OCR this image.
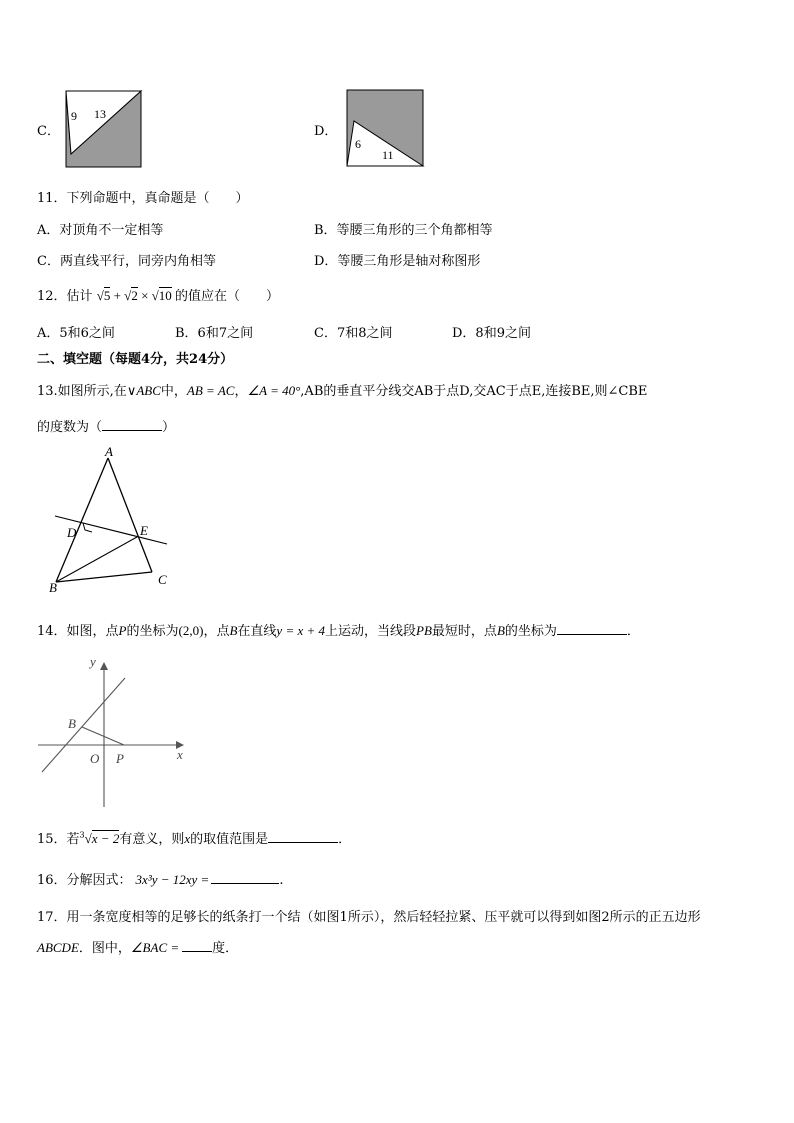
C．
9 13
D．
6
11
11．下列命题中，真命题是（　　）
A．对顶角不一定相等	B．等腰三角形的三个角都相等
C．两直线平行，同旁内角相等	D．等腰三角形是轴对称图形
12．估计 √5 + √2 × √10 的值应在（　　）
A．5和6之间	B．6和7之间	C．7和8之间	D．8和9之间
二、填空题（每题4分，共24分）
13.如图所示,在∨ABC中，AB = AC，∠A = 40°,AB的垂直平分线交AB于点D,交AC于点E,连接BE,则∠CBE
的度数为（	）
A
D	E
B
C
14．如图，点P的坐标为(2,0)，点B在直线y = x + 4上运动，当线段PB最短时，点B的坐标为	．
y
x
O P
B
15．若$^3$√x − 2有意义，则x的取值范围是	．
16．分解因式： 3x³y − 12xy =	.
17．用一条宽度相等的足够长的纸条打一个结（如图1所示），然后轻轻拉紧、压平就可以得到如图2所示的正五边形
ABCDE．图中，∠BAC =	度．
